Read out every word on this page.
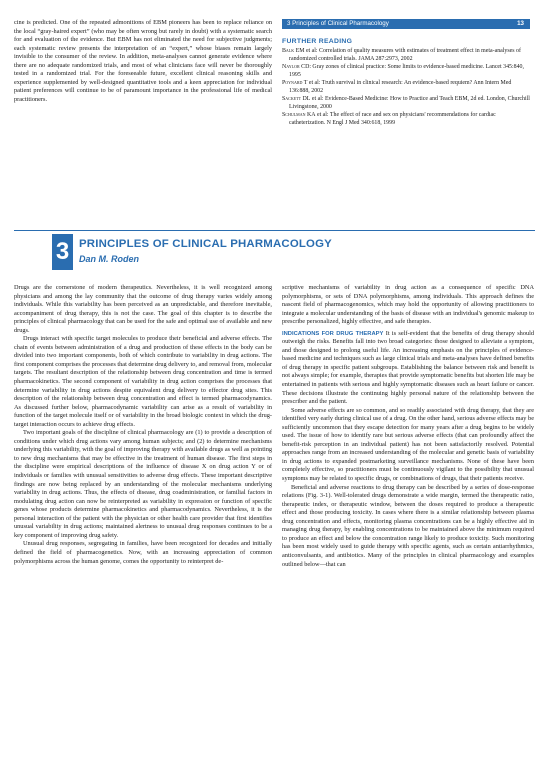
cine is predicted. One of the repeated admonitions of EBM pioneers has been to replace reliance on the local “gray-haired expert” (who may be often wrong but rarely in doubt) with a systematic search for and evaluation of the evidence. But EBM has not eliminated the need for subjective judgments; each systematic review presents the interpretation of an “expert,” whose biases remain largely invisible to the consumer of the review. In addition, meta-analyses cannot generate evidence where there are no adequate randomized trials, and most of what clinicians face will never be thoroughly tested in a randomized trial. For the foreseeable future, excellent clinical reasoning skills and experience supplemented by well-designed quantitative tools and a keen appreciation for individual patient preferences will continue to be of paramount importance in the professional life of medical practitioners.

3 Principles of Clinical Pharmacology	13
FURTHER READING

Balk EM et al: Correlation of quality measures with estimates of treatment effect in meta-analyses of randomized controlled trials. JAMA 287:2973, 2002

Naylor CD: Gray zones of clinical practice: Some limits to evidence-based medicine. Lancet 345:840, 1995

Poynard T et al: Truth survival in clinical research: An evidence-based requiem? Ann Intern Med 136:888, 2002

Sackett DL et al: Evidence-Based Medicine: How to Practice and Teach EBM, 2d ed. London, Churchill Livingstone, 2000

Schulman KA et al: The effect of race and sex on physicians' recommendations for cardiac catheterization. N Engl J Med 340:618, 1999

3 PRINCIPLES OF CLINICAL PHARMACOLOGY
Dan M. Roden

Drugs are the cornerstone of modern therapeutics. Nevertheless, it is well recognized among physicians and among the lay community that the outcome of drug therapy varies widely among individuals. While this variability has been perceived as an unpredictable, and therefore inevitable, accompaniment of drug therapy, this is not the case. The goal of this chapter is to describe the principles of clinical pharmacology that can be used for the safe and optimal use of available and new drugs.

Drugs interact with specific target molecules to produce their beneficial and adverse effects. The chain of events between administration of a drug and production of these effects in the body can be divided into two important components, both of which contribute to variability in drug actions. The first component comprises the processes that determine drug delivery to, and removal from, molecular targets. The resultant description of the relationship between drug concentration and time is termed pharmacokinetics. The second component of variability in drug action comprises the processes that determine variability in drug actions despite equivalent drug delivery to effector drug sites. This description of the relationship between drug concentration and effect is termed pharmacodynamics. As discussed further below, pharmacodynamic variability can arise as a result of variability in function of the target molecule itself or of variability in the broad biologic context in which the drug-target interaction occurs to achieve drug effects.

Two important goals of the discipline of clinical pharmacology are (1) to provide a description of conditions under which drug actions vary among human subjects; and (2) to determine mechanisms underlying this variability, with the goal of improving therapy with available drugs as well as pointing to new drug mechanisms that may be effective in the treatment of human disease. The first steps in the discipline were empirical descriptions of the influence of disease X on drug action Y or of individuals or families with unusual sensitivities to adverse drug effects. These important descriptive findings are now being replaced by an understanding of the molecular mechanisms underlying variability in drug actions. Thus, the effects of disease, drug coadministration, or familial factors in modulating drug action can now be reinterpreted as variability in expression or function of specific genes whose products determine pharmacokinetics and pharmacodynamics. Nevertheless, it is the personal interaction of the patient with the physician or other health care provider that first identifies unusual variability in drug actions; maintained alertness to unusual drug responses continues to be a key component of improving drug safety.

Unusual drug responses, segregating in families, have been recognized for decades and initially defined the field of pharmacogenetics. Now, with an increasing appreciation of common polymorphisms across the human genome, comes the opportunity to reinterpret de-

scriptive mechanisms of variability in drug action as a consequence of specific DNA polymorphisms, or sets of DNA polymorphisms, among individuals. This approach defines the nascent field of pharmacogenomics, which may hold the opportunity of allowing practitioners to integrate a molecular understanding of the basis of disease with an individual's genomic makeup to prescribe personalized, highly effective, and safe therapies.

INDICATIONS FOR DRUG THERAPY It is self-evident that the benefits of drug therapy should outweigh the risks. Benefits fall into two broad categories: those designed to alleviate a symptom, and those designed to prolong useful life. An increasing emphasis on the principles of evidence-based medicine and techniques such as large clinical trials and meta-analyses have defined benefits of drug therapy in specific patient subgroups. Establishing the balance between risk and benefit is not always simple; for example, therapies that provide symptomatic benefits but shorten life may be entertained in patients with serious and highly symptomatic diseases such as heart failure or cancer. These decisions illustrate the continuing highly personal nature of the relationship between the prescriber and the patient.

Some adverse effects are so common, and so readily associated with drug therapy, that they are identified very early during clinical use of a drug. On the other hand, serious adverse effects may be sufficiently uncommon that they escape detection for many years after a drug begins to be widely used. The issue of how to identify rare but serious adverse effects (that can profoundly affect the benefit-risk perception in an individual patient) has not been satisfactorily resolved. Potential approaches range from an increased understanding of the molecular and genetic basis of variability in drug actions to expanded postmarketing surveillance mechanisms. None of these have been completely effective, so practitioners must be continuously vigilant to the possibility that unusual symptoms may be related to specific drugs, or combinations of drugs, that their patients receive.

Beneficial and adverse reactions to drug therapy can be described by a series of dose-response relations (Fig. 3-1). Well-tolerated drugs demonstrate a wide margin, termed the therapeutic ratio, therapeutic index, or therapeutic window, between the doses required to produce a therapeutic effect and those producing toxicity. In cases where there is a similar relationship between plasma drug concentration and effects, monitoring plasma concentrations can be a highly effective aid in managing drug therapy, by enabling concentrations to be maintained above the minimum required to produce an effect and below the concentration range likely to produce toxicity. Such monitoring has been most widely used to guide therapy with specific agents, such as certain antiarrhythmics, anticonvulsants, and antibiotics. Many of the principles in clinical pharmacology and examples outlined below—that can
